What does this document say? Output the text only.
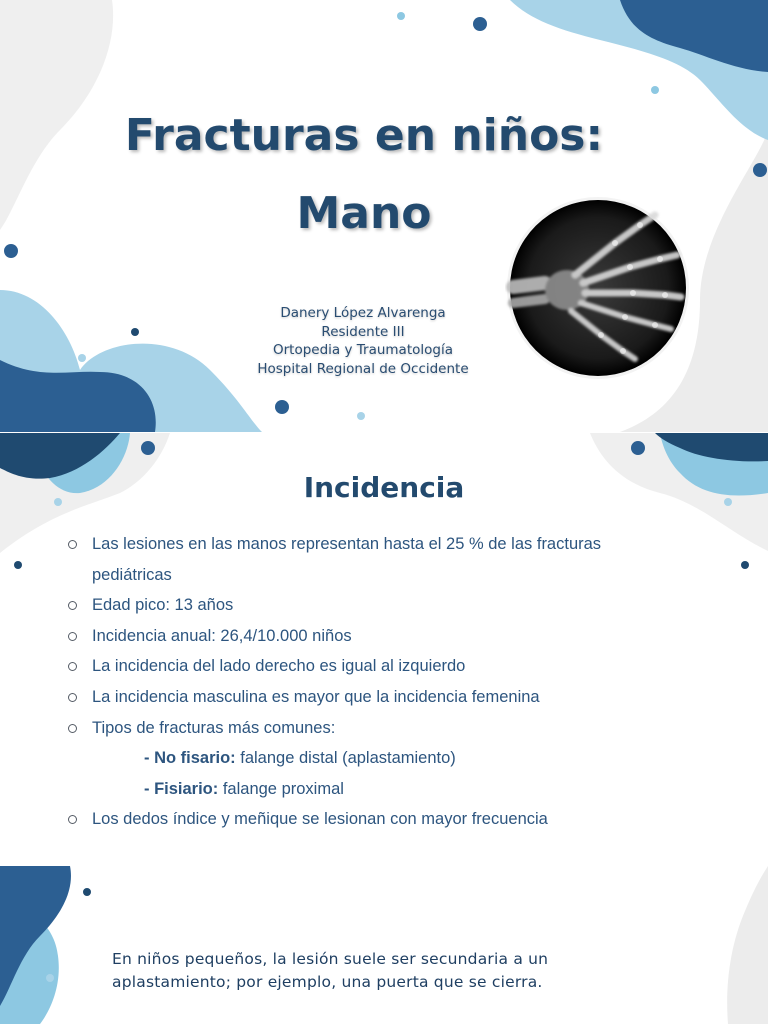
Fracturas en niños:
Mano
Danery López Alvarenga
Residente III
Ortopedia y Traumatología
Hospital Regional de Occidente
Incidencia
Las lesiones en las manos representan hasta el 25 % de las fracturas
pediátricas
Edad pico: 13 años
Incidencia anual: 26,4/10.000 niños
La incidencia del lado derecho es igual al izquierdo
La incidencia masculina es mayor que la incidencia femenina
Tipos de fracturas más comunes:
- No fisario: falange distal (aplastamiento)
- Fisiario: falange proximal
Los dedos índice y meñique se lesionan con mayor frecuencia
En niños pequeños, la lesión suele ser secundaria a un
aplastamiento; por ejemplo, una puerta que se cierra.
